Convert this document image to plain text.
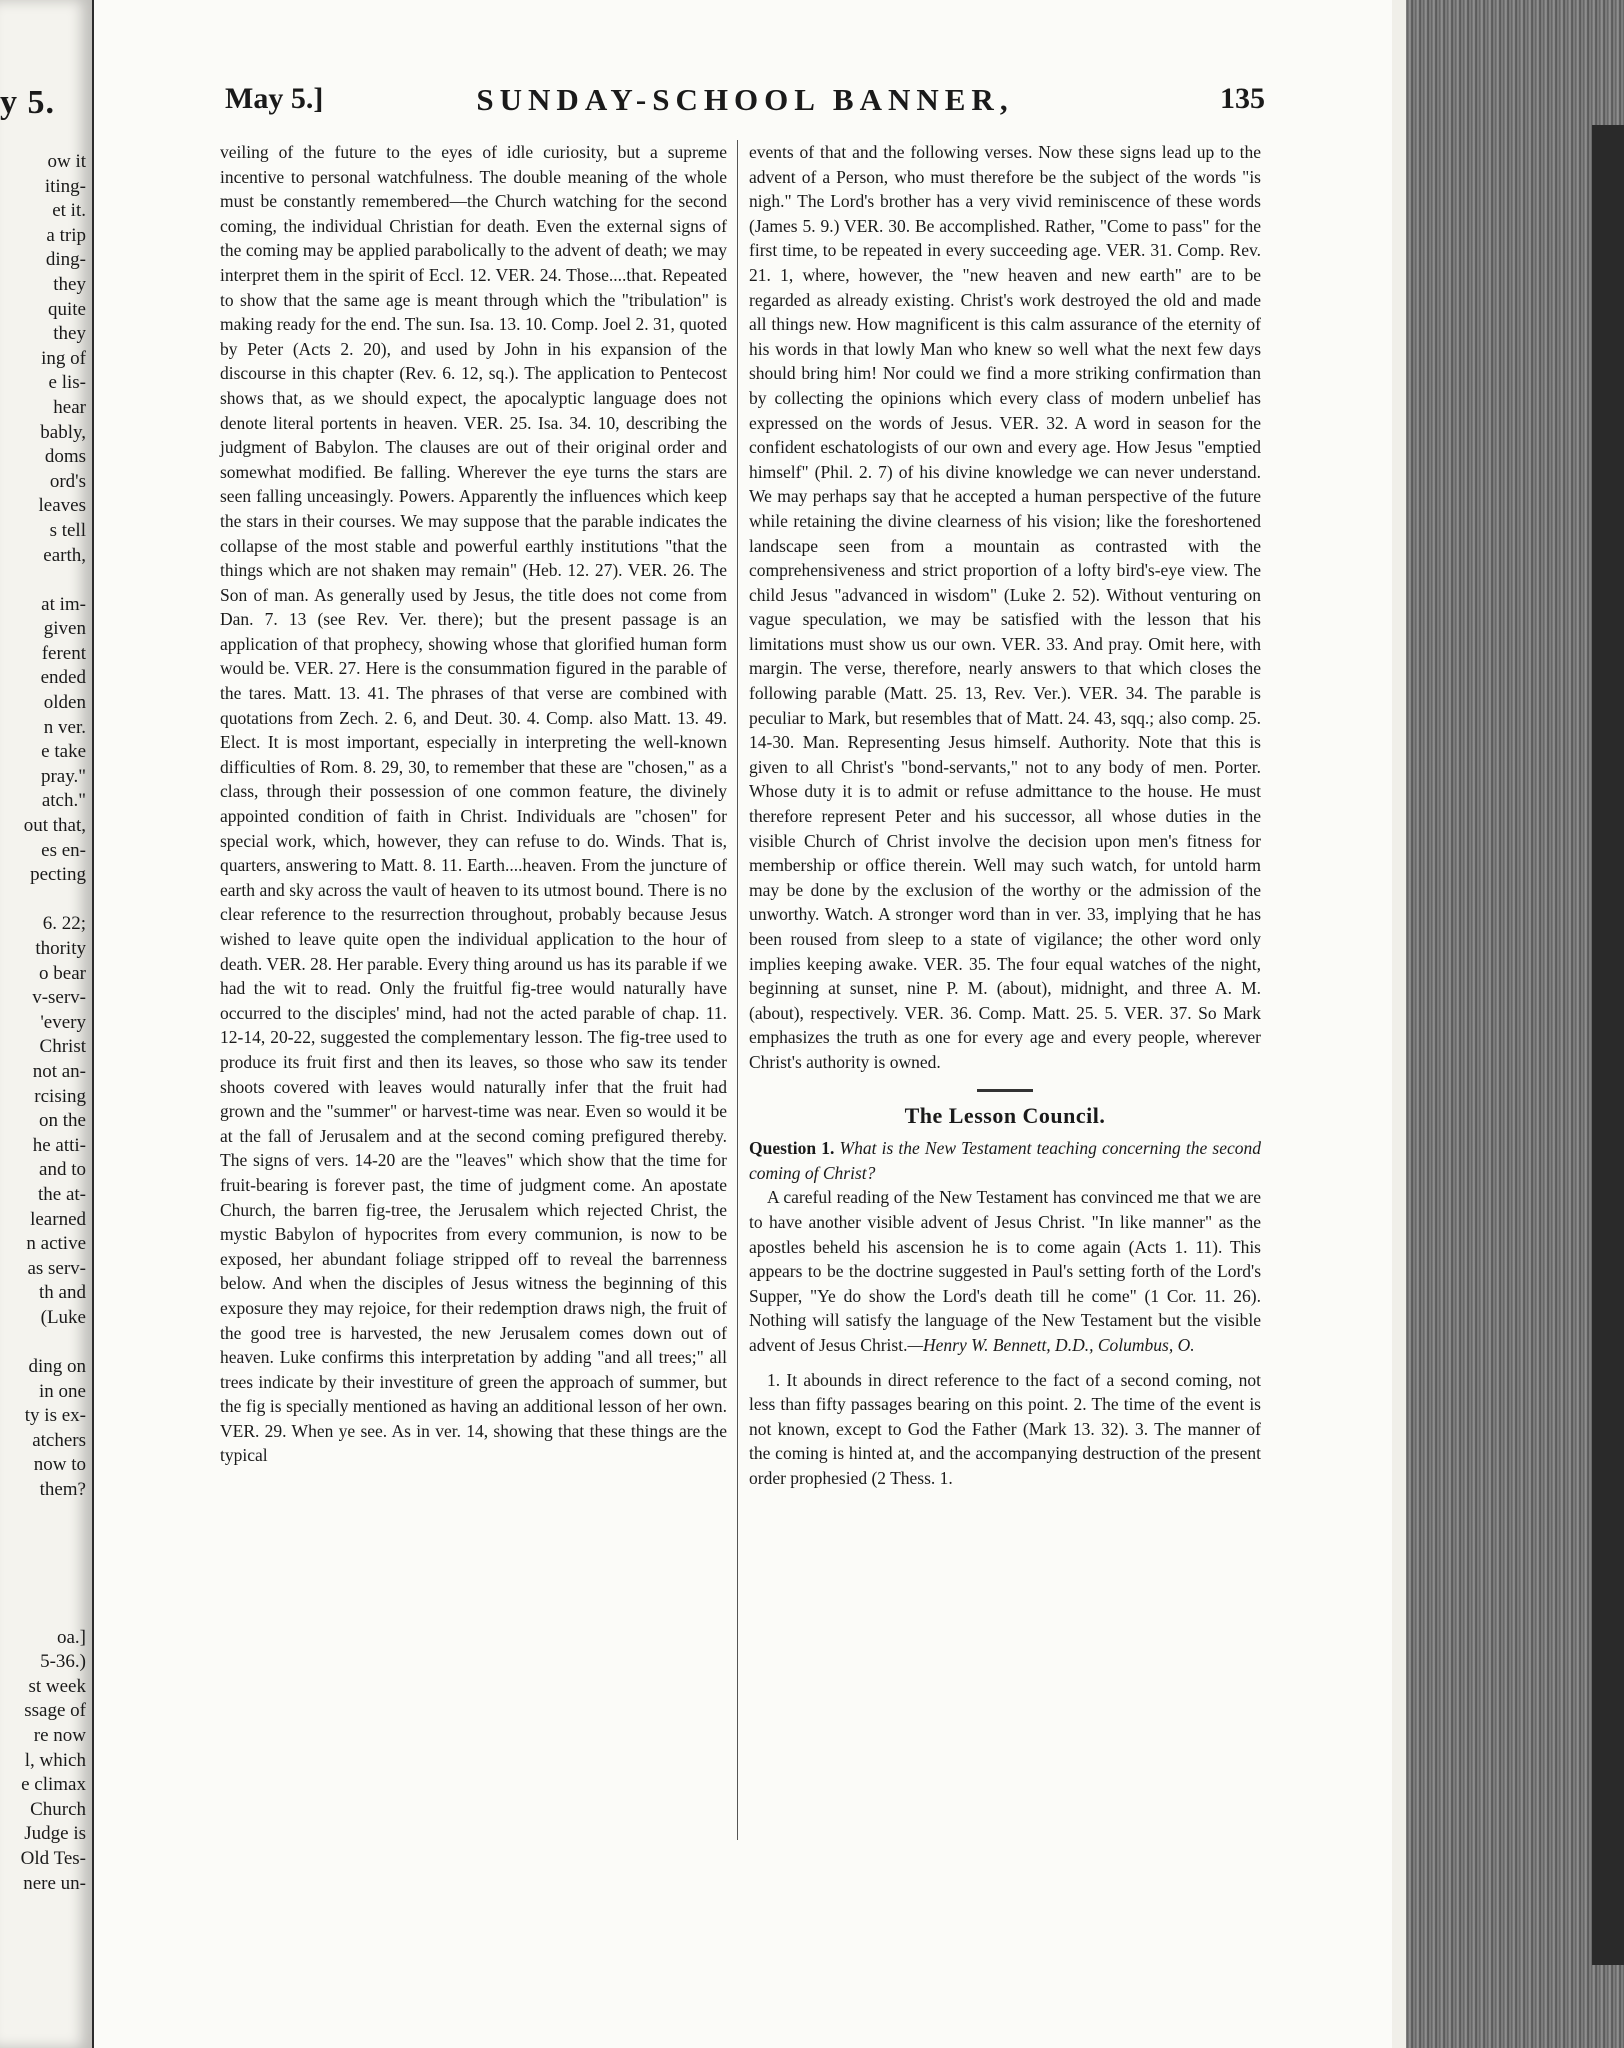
y 5.
ow it
iting-
et it.
a trip
ding-
they
quite
they
ing of
e lis-
hear
bably,
doms
ord's
leaves
s tell
earth,
at im-
given
ferent
ended
olden
n ver.
e take
pray."
atch."
out that,
es en-
pecting
6. 22;
thority
o bear
v-serv-
'every
Christ
not an-
rcising
on the
he atti-
and to
the at-
learned
n active
as serv-
th and
(Luke
ding on
in one
ty is ex-
atchers
now to
them?
oa.]
5-36.)
st week
ssage of
re now
l, which
e climax
Church
Judge is
Old Tes-
nere un-
May 5.]	SUNDAY-SCHOOL BANNER,	135

veiling of the future to the eyes of idle curiosity, but a supreme incentive to personal watchfulness. The double meaning of the whole must be constantly remembered—the Church watching for the second coming, the individual Christian for death. Even the external signs of the coming may be applied parabolically to the advent of death; we may interpret them in the spirit of Eccl. 12. VER. 24. Those....that. Repeated to show that the same age is meant through which the "tribulation" is making ready for the end. The sun. Isa. 13. 10. Comp. Joel 2. 31, quoted by Peter (Acts 2. 20), and used by John in his expansion of the discourse in this chapter (Rev. 6. 12, sq.). The application to Pentecost shows that, as we should expect, the apocalyptic language does not denote literal portents in heaven. VER. 25. Isa. 34. 10, describing the judgment of Babylon. The clauses are out of their original order and somewhat modified. Be falling. Wherever the eye turns the stars are seen falling unceasingly. Powers. Apparently the influences which keep the stars in their courses. We may suppose that the parable indicates the collapse of the most stable and powerful earthly institutions "that the things which are not shaken may remain" (Heb. 12. 27). VER. 26. The Son of man. As generally used by Jesus, the title does not come from Dan. 7. 13 (see Rev. Ver. there); but the present passage is an application of that prophecy, showing whose that glorified human form would be. VER. 27. Here is the consummation figured in the parable of the tares. Matt. 13. 41. The phrases of that verse are combined with quotations from Zech. 2. 6, and Deut. 30. 4. Comp. also Matt. 13. 49. Elect. It is most important, especially in interpreting the well-known difficulties of Rom. 8. 29, 30, to remember that these are "chosen," as a class, through their possession of one common feature, the divinely appointed condition of faith in Christ. Individuals are "chosen" for special work, which, however, they can refuse to do. Winds. That is, quarters, answering to Matt. 8. 11. Earth....heaven. From the juncture of earth and sky across the vault of heaven to its utmost bound. There is no clear reference to the resurrection throughout, probably because Jesus wished to leave quite open the individual application to the hour of death. VER. 28. Her parable. Every thing around us has its parable if we had the wit to read. Only the fruitful fig-tree would naturally have occurred to the disciples' mind, had not the acted parable of chap. 11. 12-14, 20-22, suggested the complementary lesson. The fig-tree used to produce its fruit first and then its leaves, so those who saw its tender shoots covered with leaves would naturally infer that the fruit had grown and the "summer" or harvest-time was near. Even so would it be at the fall of Jerusalem and at the second coming prefigured thereby. The signs of vers. 14-20 are the "leaves" which show that the time for fruit-bearing is forever past, the time of judgment come. An apostate Church, the barren fig-tree, the Jerusalem which rejected Christ, the mystic Babylon of hypocrites from every communion, is now to be exposed, her abundant foliage stripped off to reveal the barrenness below. And when the disciples of Jesus witness the beginning of this exposure they may rejoice, for their redemption draws nigh, the fruit of the good tree is harvested, the new Jerusalem comes down out of heaven. Luke confirms this interpretation by adding "and all trees;" all trees indicate by their investiture of green the approach of summer, but the fig is specially mentioned as having an additional lesson of her own. VER. 29. When ye see. As in ver. 14, showing that these things are the typical

events of that and the following verses. Now these signs lead up to the advent of a Person, who must therefore be the subject of the words "is nigh." The Lord's brother has a very vivid reminiscence of these words (James 5. 9.) VER. 30. Be accomplished. Rather, "Come to pass" for the first time, to be repeated in every succeeding age. VER. 31. Comp. Rev. 21. 1, where, however, the "new heaven and new earth" are to be regarded as already existing. Christ's work destroyed the old and made all things new. How magnificent is this calm assurance of the eternity of his words in that lowly Man who knew so well what the next few days should bring him! Nor could we find a more striking confirmation than by collecting the opinions which every class of modern unbelief has expressed on the words of Jesus. VER. 32. A word in season for the confident eschatologists of our own and every age. How Jesus "emptied himself" (Phil. 2. 7) of his divine knowledge we can never understand. We may perhaps say that he accepted a human perspective of the future while retaining the divine clearness of his vision; like the foreshortened landscape seen from a mountain as contrasted with the comprehensiveness and strict proportion of a lofty bird's-eye view. The child Jesus "advanced in wisdom" (Luke 2. 52). Without venturing on vague speculation, we may be satisfied with the lesson that his limitations must show us our own. VER. 33. And pray. Omit here, with margin. The verse, therefore, nearly answers to that which closes the following parable (Matt. 25. 13, Rev. Ver.). VER. 34. The parable is peculiar to Mark, but resembles that of Matt. 24. 43, sqq.; also comp. 25. 14-30. Man. Representing Jesus himself. Authority. Note that this is given to all Christ's "bond-servants," not to any body of men. Porter. Whose duty it is to admit or refuse admittance to the house. He must therefore represent Peter and his successor, all whose duties in the visible Church of Christ involve the decision upon men's fitness for membership or office therein. Well may such watch, for untold harm may be done by the exclusion of the worthy or the admission of the unworthy. Watch. A stronger word than in ver. 33, implying that he has been roused from sleep to a state of vigilance; the other word only implies keeping awake. VER. 35. The four equal watches of the night, beginning at sunset, nine P. M. (about), midnight, and three A. M. (about), respectively. VER. 36. Comp. Matt. 25. 5. VER. 37. So Mark emphasizes the truth as one for every age and every people, wherever Christ's authority is owned.

The Lesson Council.

Question 1. What is the New Testament teaching concerning the second coming of Christ?

A careful reading of the New Testament has convinced me that we are to have another visible advent of Jesus Christ. "In like manner" as the apostles beheld his ascension he is to come again (Acts 1. 11). This appears to be the doctrine suggested in Paul's setting forth of the Lord's Supper, "Ye do show the Lord's death till he come" (1 Cor. 11. 26). Nothing will satisfy the language of the New Testament but the visible advent of Jesus Christ.—Henry W. Bennett, D.D., Columbus, O.

1. It abounds in direct reference to the fact of a second coming, not less than fifty passages bearing on this point. 2. The time of the event is not known, except to God the Father (Mark 13. 32). 3. The manner of the coming is hinted at, and the accompanying destruction of the present order prophesied (2 Thess. 1.
